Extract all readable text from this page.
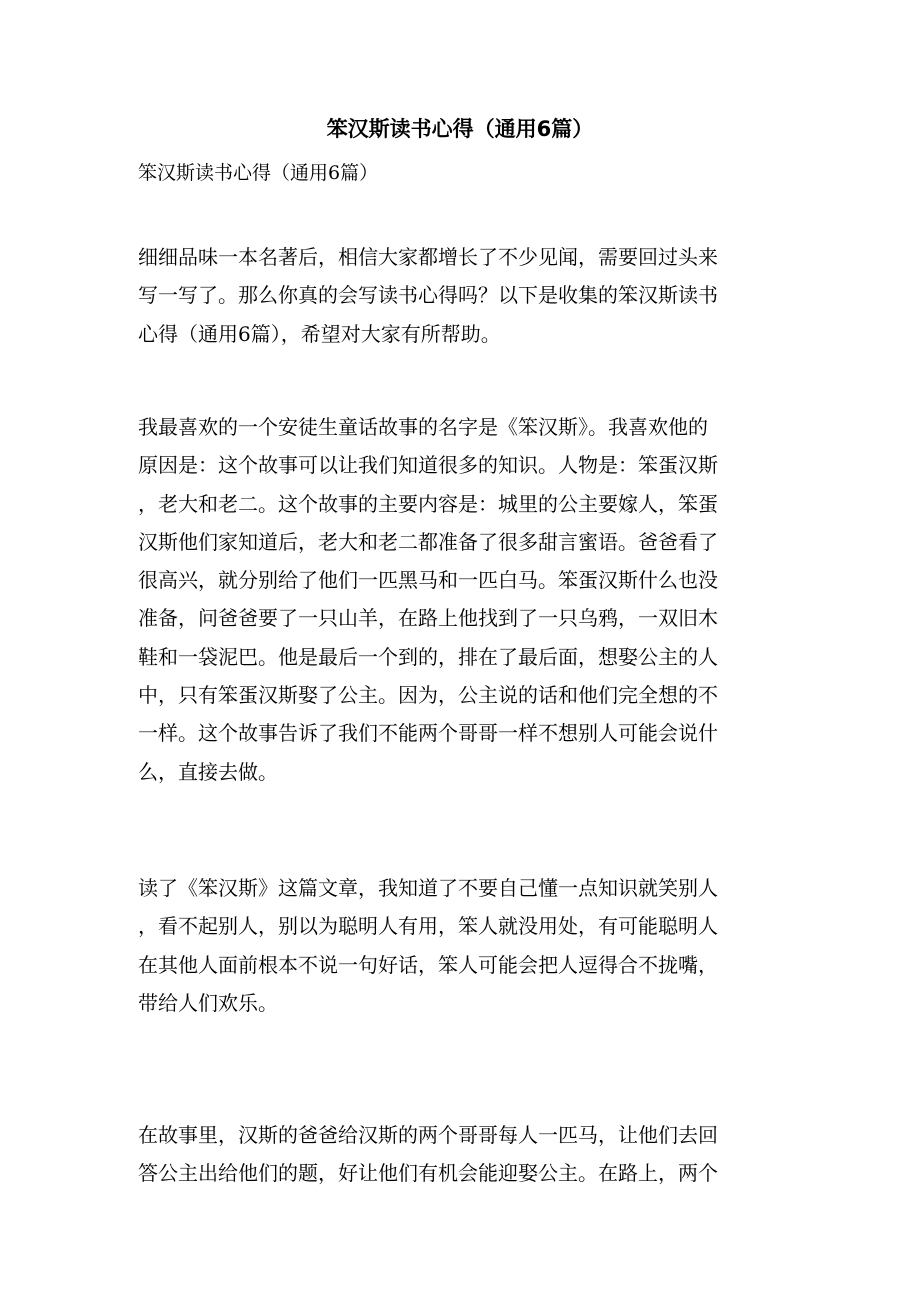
笨汉斯读书心得（通用6篇）

笨汉斯读书心得（通用6篇）

细细品味一本名著后，相信大家都增长了不少见闻，需要回过头来
写一写了。那么你真的会写读书心得吗？以下是收集的笨汉斯读书
心得（通用6篇），希望对大家有所帮助。
我最喜欢的一个安徒生童话故事的名字是《笨汉斯》。我喜欢他的
原因是：这个故事可以让我们知道很多的知识。人物是：笨蛋汉斯
，老大和老二。这个故事的主要内容是：城里的公主要嫁人，笨蛋
汉斯他们家知道后，老大和老二都准备了很多甜言蜜语。爸爸看了
很高兴，就分别给了他们一匹黑马和一匹白马。笨蛋汉斯什么也没
准备，问爸爸要了一只山羊，在路上他找到了一只乌鸦，一双旧木
鞋和一袋泥巴。他是最后一个到的，排在了最后面，想娶公主的人
中，只有笨蛋汉斯娶了公主。因为，公主说的话和他们完全想的不
一样。这个故事告诉了我们不能两个哥哥一样不想别人可能会说什
么，直接去做。
读了《笨汉斯》这篇文章，我知道了不要自己懂一点知识就笑别人
，看不起别人，别以为聪明人有用，笨人就没用处，有可能聪明人
在其他人面前根本不说一句好话，笨人可能会把人逗得合不拢嘴，
带给人们欢乐。
在故事里，汉斯的爸爸给汉斯的两个哥哥每人一匹马，让他们去回
答公主出给他们的题，好让他们有机会能迎娶公主。在路上，两个
